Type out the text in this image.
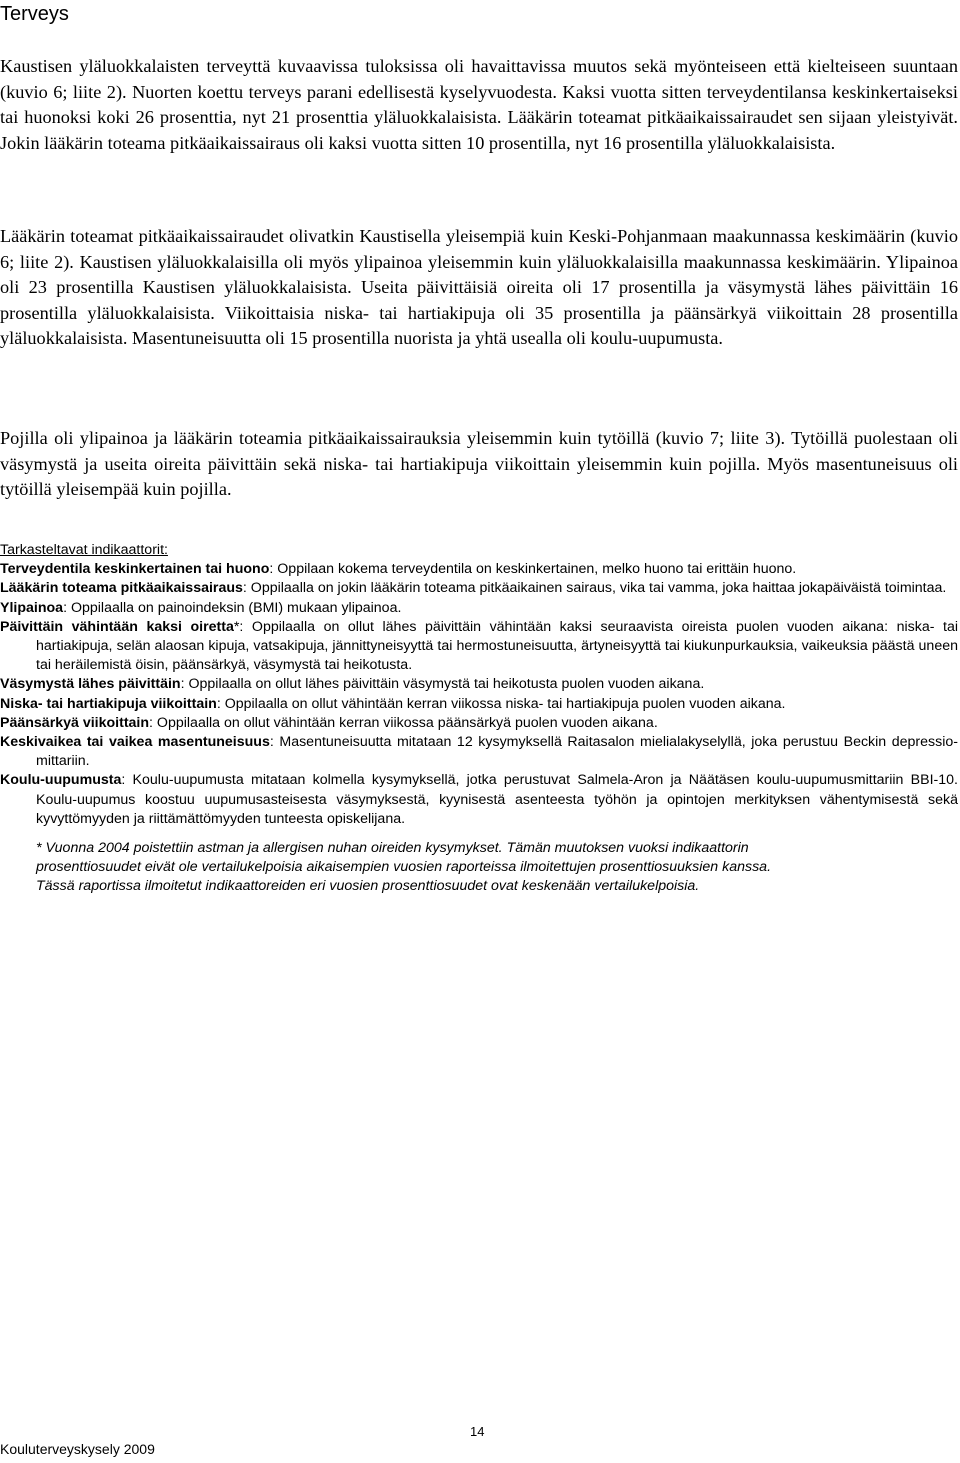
Terveys

Kaustisen yläluokkalaisten terveyttä kuvaavissa tuloksissa oli havaittavissa muutos sekä myönteiseen että kielteiseen suuntaan (kuvio 6; liite 2). Nuorten koettu terveys parani edellisestä kyselyvuodesta. Kaksi vuotta sitten terveydentilansa keskinkertaiseksi tai huonoksi koki 26 prosenttia, nyt 21 prosenttia yläluokkalaisista. Lääkärin toteamat pitkäaikaissairaudet sen sijaan yleistyivät. Jokin lääkärin toteama pitkäaikaissairaus oli kaksi vuotta sitten 10 prosentilla, nyt 16 prosentilla yläluokkalaisista.

Lääkärin toteamat pitkäaikaissairaudet olivatkin Kaustisella yleisempiä kuin Keski-Pohjanmaan maakunnassa keskimäärin (kuvio 6; liite 2). Kaustisen yläluokkalaisilla oli myös ylipainoa yleisemmin kuin yläluokkalaisilla maakunnassa keskimäärin. Ylipainoa oli 23 prosentilla Kaustisen yläluokkalaisista. Useita päivittäisiä oireita oli 17 prosentilla ja väsymystä lähes päivittäin 16 prosentilla yläluokkalaisista. Viikoittaisia niska- tai hartiakipuja oli 35 prosentilla ja päänsärkyä viikoittain 28 prosentilla yläluokkalaisista. Masentuneisuutta oli 15 prosentilla nuorista ja yhtä usealla oli koulu-uupumusta.

Pojilla oli ylipainoa ja lääkärin toteamia pitkäaikaissairauksia yleisemmin kuin tytöillä (kuvio 7; liite 3). Tytöillä puolestaan oli väsymystä ja useita oireita päivittäin sekä niska- tai hartiakipuja viikoittain yleisemmin kuin pojilla. Myös masentuneisuus oli tytöillä yleisempää kuin pojilla.

Tarkasteltavat indikaattorit:
Terveydentila keskinkertainen tai huono: Oppilaan kokema terveydentila on keskinkertainen, melko huono tai erittäin huono.
Lääkärin toteama pitkäaikaissairaus: Oppilaalla on jokin lääkärin toteama pitkäaikainen sairaus, vika tai vamma, joka haittaa jokapäiväistä toimintaa.
Ylipainoa: Oppilaalla on painoindeksin (BMI) mukaan ylipainoa.
Päivittäin vähintään kaksi oiretta*: Oppilaalla on ollut lähes päivittäin vähintään kaksi seuraavista oireista puolen vuoden aikana: niska- tai hartiakipuja, selän alaosan kipuja, vatsakipuja, jännittyneisyyttä tai hermostuneisuutta, ärtyneisyyttä tai kiukunpurkauksia, vaikeuksia päästä uneen tai heräilemistä öisin, päänsärkyä, väsymystä tai heikotusta.
Väsymystä lähes päivittäin: Oppilaalla on ollut lähes päivittäin väsymystä tai heikotusta puolen vuoden aikana.
Niska- tai hartiakipuja viikoittain: Oppilaalla on ollut vähintään kerran viikossa niska- tai hartiakipuja puolen vuoden aikana.
Päänsärkyä viikoittain: Oppilaalla on ollut vähintään kerran viikossa päänsärkyä puolen vuoden aikana.
Keskivaikea tai vaikea masentuneisuus: Masentuneisuutta mitataan 12 kysymyksellä Raitasalon mielialakyselyllä, joka perustuu Beckin depressio-mittariin.
Koulu-uupumusta: Koulu-uupumusta mitataan kolmella kysymyksellä, jotka perustuvat Salmela-Aron ja Näätäsen koulu-uupumusmittariin BBI-10. Koulu-uupumus koostuu uupumusasteisesta väsymyksestä, kyynisestä asenteesta työhön ja opintojen merkityksen vähentymisestä sekä kyvyttömyyden ja riittämättömyyden tunteesta opiskelijana.
* Vuonna 2004 poistettiin astman ja allergisen nuhan oireiden kysymykset. Tämän muutoksen vuoksi indikaattorin
prosenttiosuudet eivät ole vertailukelpoisia aikaisempien vuosien raporteissa ilmoitettujen prosenttiosuuksien kanssa.
Tässä raportissa ilmoitetut indikaattoreiden eri vuosien prosenttiosuudet ovat keskenään vertailukelpoisia.
14
Kouluterveyskysely 2009
